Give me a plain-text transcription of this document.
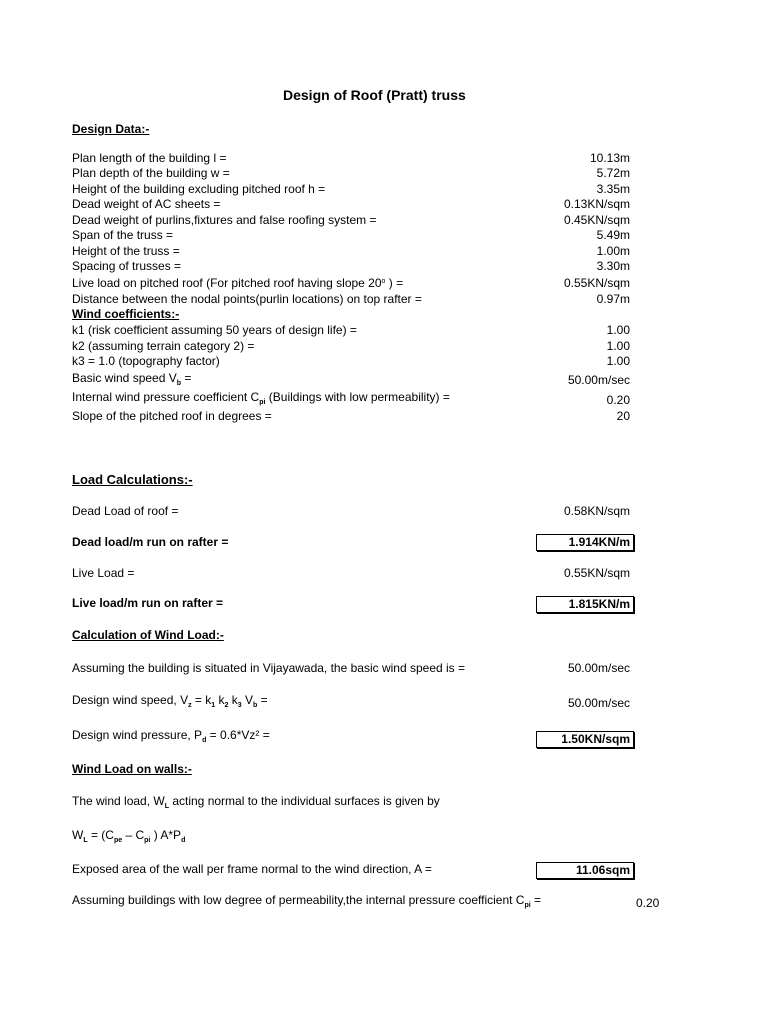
Design of Roof (Pratt) truss
Design Data:-
Plan length of the building l =	10.13m
Plan depth of the building w =	5.72m
Height of the building excluding pitched roof h =	3.35m
Dead weight of AC sheets =	0.13KN/sqm
Dead weight of purlins,fixtures and false roofing system =	0.45KN/sqm
Span of the truss =	5.49m
Height of the truss =	1.00m
Spacing of trusses =	3.30m
Live load on pitched roof (For pitched roof having slope 20$^o$ ) =	0.55KN/sqm
Distance between the nodal points(purlin locations) on top rafter =	0.97m
Wind coefficients:-
k1 (risk coefficient assuming 50 years of design life) =	1.00
k2 (assuming terrain category 2) =	1.00
k3 = 1.0 (topography factor)	1.00
Basic wind speed $V_b$ =	50.00m/sec
Internal wind pressure coefficient $C_{pi}$ (Buildings with low permeability) =	0.20
Slope of the pitched roof in degrees =	20
Load Calculations:-
Dead Load of roof =	0.58KN/sqm
Dead load/m run on rafter =	1.914KN/m
Live Load =	0.55KN/sqm
Live load/m run on rafter =	1.815KN/m
Calculation of Wind Load:-
Assuming the building is situated in Vijayawada, the basic wind speed is =	50.00m/sec
Design wind speed, $V_z = k_1$ $k_2$ $k_3$ $V_b$ =	50.00m/sec
Design wind pressure, $P_d = 0.6*Vz^2$ =	1.50KN/sqm
Wind Load on walls:-
The wind load, $W_L$ acting normal to the individual surfaces is given by
$W_L = (C_{pe} - C_{pi}$ ) $A*P_d$
Exposed area of the wall per frame normal to the wind direction, A =	11.06sqm
Assuming buildings with low degree of permeability,the internal pressure coefficient $C_{pi}$ =	0.20
